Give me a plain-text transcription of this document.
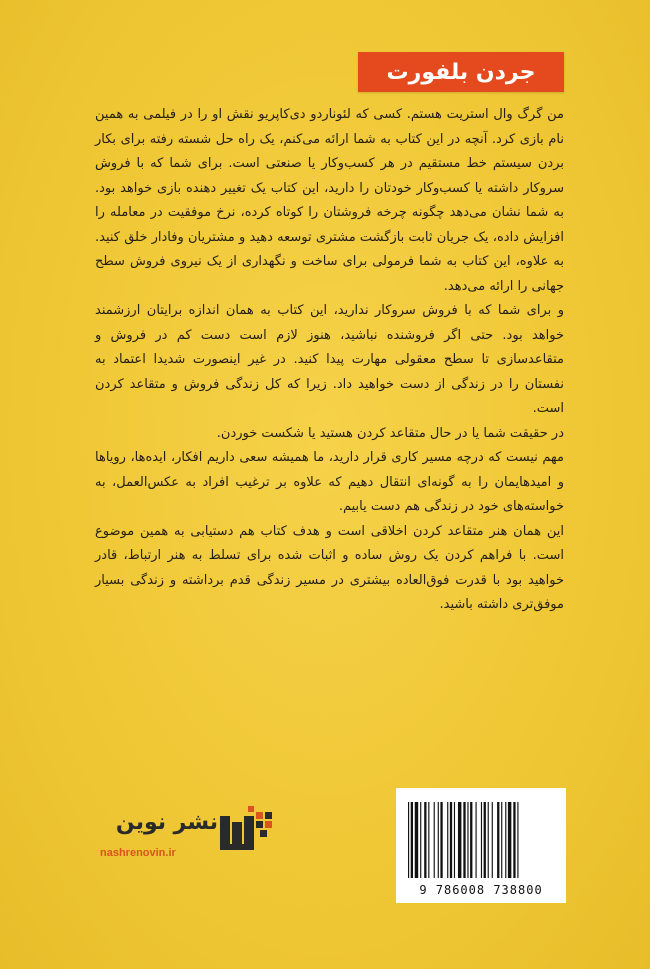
جردن بلفورت

من گرگ وال استریت هستم. کسی که لئوناردو دی‌کاپریو نقش او را در فیلمی به همین نام بازی کرد. آنچه در این کتاب به شما ارائه می‌کنم، یک راه حل شسته رفته برای بکار بردن سیستم خط مستقیم در هر کسب‌وکار یا صنعتی است. برای شما که با فروش سروکار داشته یا کسب‌وکار خودتان را دارید، این کتاب یک تغییر دهنده بازی خواهد بود. به شما نشان می‌دهد چگونه چرخه فروشتان را کوتاه کرده، نرخ موفقیت در معامله را افزایش داده، یک جریان ثابت بازگشت مشتری توسعه دهید و مشتریان وفادار خلق کنید. به علاوه، این کتاب به شما فرمولی برای ساخت و نگهداری از یک نیروی فروش سطح جهانی را ارائه می‌دهد.

و برای شما که با فروش سروکار ندارید، این کتاب به همان اندازه برایتان ارزشمند خواهد بود. حتی اگر فروشنده نباشید، هنوز لازم است دست کم در فروش و متقاعدسازی تا سطح معقولی مهارت پیدا کنید. در غیر اینصورت شدیدا اعتماد به نفستان را در زندگی از دست خواهید داد. زیرا که کل زندگی فروش و متقاعد کردن است.

در حقیقت شما یا در حال متقاعد کردن هستید یا شکست خوردن.

مهم نیست که درچه مسیر کاری قرار دارید، ما همیشه سعی داریم افکار، ایده‌ها، رویاها و امیدهایمان را به گونه‌ای انتقال دهیم که علاوه بر ترغیب افراد به عکس‌العمل، به خواسته‌های خود در زندگی هم دست یابیم.

این همان هنر متقاعد کردن اخلاقی است و هدف کتاب هم دستیابی به همین موضوع است. با فراهم کردن یک روش ساده و اثبات شده برای تسلط به هنر ارتباط، قادر خواهید بود با قدرت فوق‌العاده بیشتری در مسیر زندگی قدم برداشته و زندگی بسیار موفق‌تری داشته باشید.

نشر نوین
nashrenovin.ir
9 786008 738800
